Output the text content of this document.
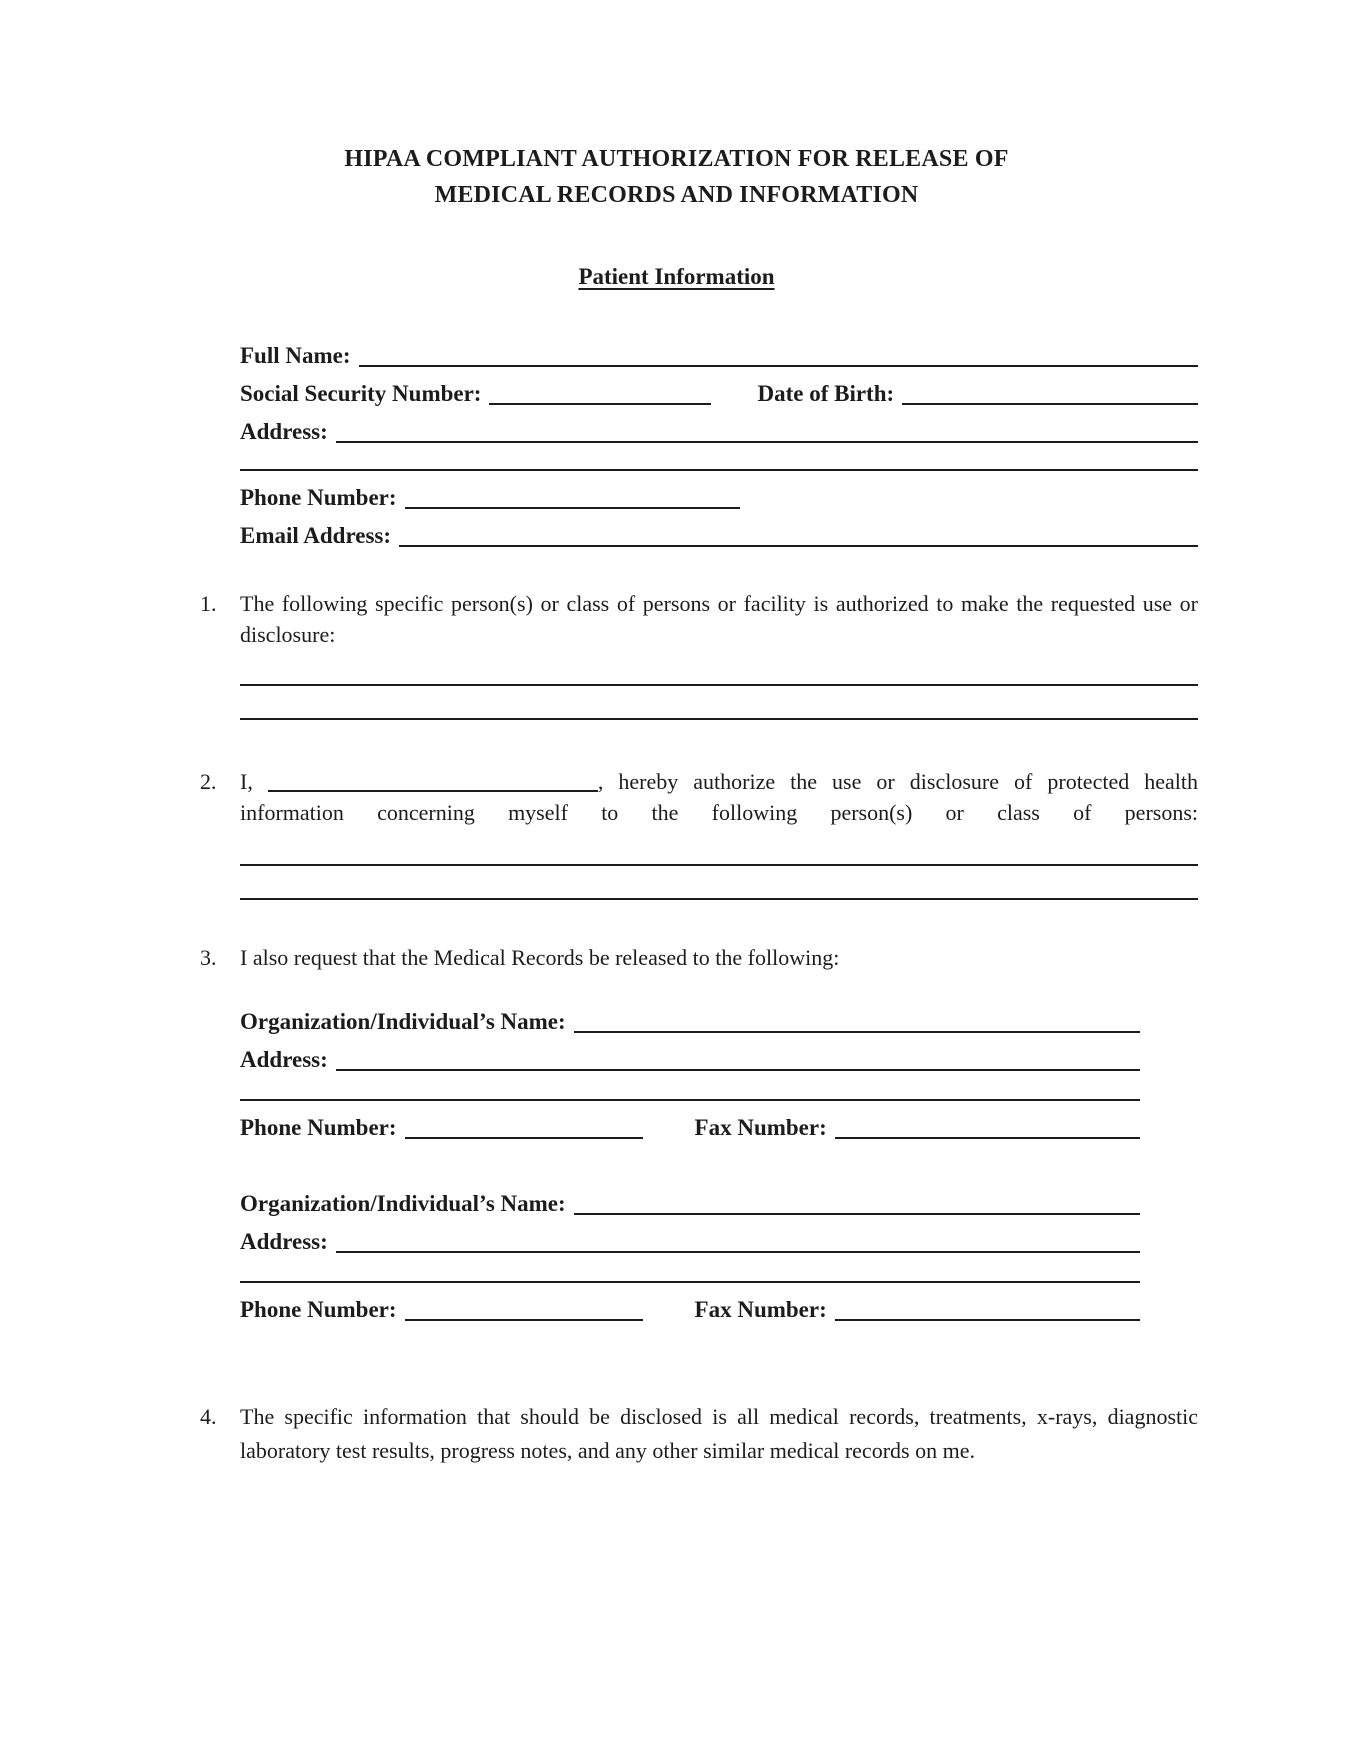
HIPAA COMPLIANT AUTHORIZATION FOR RELEASE OF
MEDICAL RECORDS AND INFORMATION
Patient Information
Full Name:
Social Security Number:	Date of Birth:
Address:
Phone Number:
Email Address:
1.	The following specific person(s) or class of persons or facility is authorized to make the requested use or disclosure:

2.	I,	, hereby authorize the use or disclosure of protected health information concerning myself to the following person(s) or class of persons:

3.	I also request that the Medical Records be released to the following:

Organization/Individual’s Name:
Address:
Phone Number:	Fax Number:
Organization/Individual’s Name:
Address:
Phone Number:	Fax Number:
4.	The specific information that should be disclosed is all medical records, treatments, x-rays, diagnostic laboratory test results, progress notes, and any other similar medical records on me.
